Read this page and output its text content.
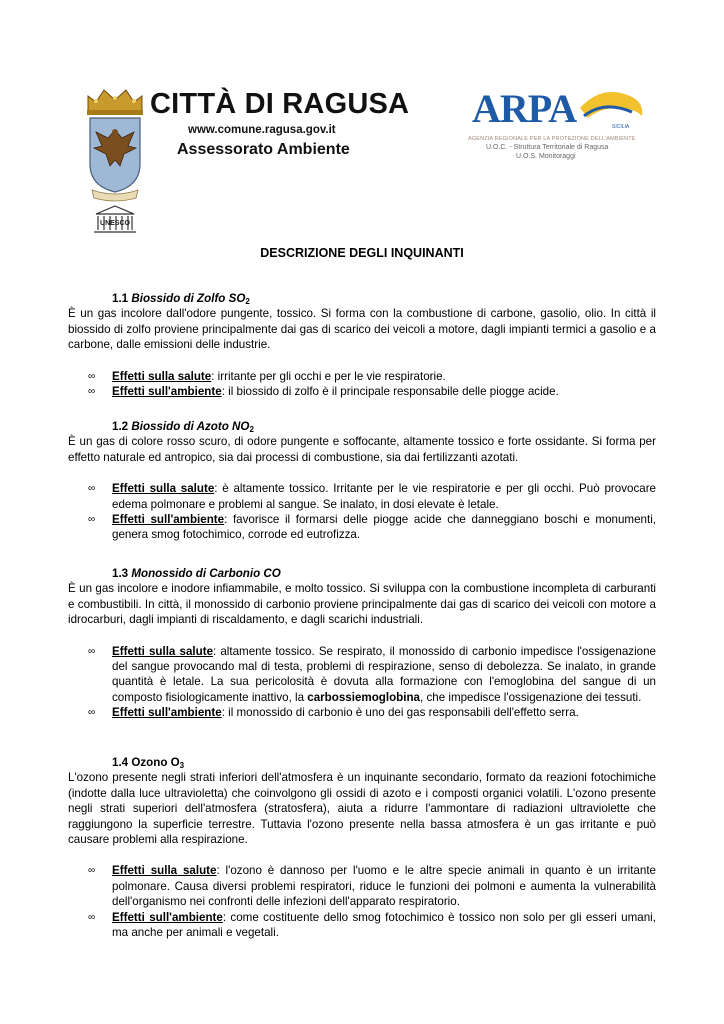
UNESCO
CITTÀ DI RAGUSA
www.comune.ragusa.gov.it
Assessorato Ambiente
ARPA	SICILIA
AGENZIA REGIONALE PER LA PROTEZIONE DELL'AMBIENTE
U.O.C. - Struttura Territoriale di Ragusa
U.O.S. Monitoraggi
DESCRIZIONE DEGLI INQUINANTI

1.1 Biossido di Zolfo $SO_2$

È un gas incolore dall'odore pungente, tossico. Si forma con la combustione di carbone, gasolio, olio. In città il biossido di zolfo proviene principalmente dai gas di scarico dei veicoli a motore, dagli impianti termici a gasolio e a carbone, dalle emissioni delle industrie.

∞ Effetti sulla salute: irritante per gli occhi e per le vie respiratorie.
∞ Effetti sull'ambiente: il biossido di zolfo è il principale responsabile delle piogge acide.

1.2 Biossido di Azoto $NO_2$

È un gas di colore rosso scuro, di odore pungente e soffocante, altamente tossico e forte ossidante. Si forma per effetto naturale ed antropico, sia dai processi di combustione, sia dai fertilizzanti azotati.

∞ Effetti sulla salute: è altamente tossico. Irritante per le vie respiratorie e per gli occhi. Può provocare edema polmonare e problemi al sangue. Se inalato, in dosi elevate è letale.
∞ Effetti sull'ambiente: favorisce il formarsi delle piogge acide che danneggiano boschi e monumenti, genera smog fotochimico, corrode ed eutrofizza.

1.3 Monossido di Carbonio CO

È un gas incolore e inodore infiammabile, e molto tossico. Si sviluppa con la combustione incompleta di carburanti e combustibili. In città, il monossido di carbonio proviene principalmente dai gas di scarico dei veicoli con motore a idrocarburi, dagli impianti di riscaldamento, e dagli scarichi industriali.

∞ Effetti sulla salute: altamente tossico. Se respirato, il monossido di carbonio impedisce l'ossigenazione del sangue provocando mal di testa, problemi di respirazione, senso di debolezza. Se inalato, in grande quantità è letale. La sua pericolosità è dovuta alla formazione con l'emoglobina del sangue di un composto fisiologicamente inattivo, la carbossiemoglobina, che impedisce l'ossigenazione dei tessuti.
∞ Effetti sull'ambiente: il monossido di carbonio è uno dei gas responsabili dell'effetto serra.

1.4 Ozono $O_3$

L'ozono presente negli strati inferiori dell'atmosfera è un inquinante secondario, formato da reazioni fotochimiche (indotte dalla luce ultravioletta) che coinvolgono gli ossidi di azoto e i composti organici volatili. L'ozono presente negli strati superiori dell'atmosfera (stratosfera), aiuta a ridurre l'ammontare di radiazioni ultraviolette che raggiungono la superficie terrestre. Tuttavia l'ozono presente nella bassa atmosfera è un gas irritante e può causare problemi alla respirazione.

∞ Effetti sulla salute: l'ozono è dannoso per l'uomo e le altre specie animali in quanto è un irritante polmonare. Causa diversi problemi respiratori, riduce le funzioni dei polmoni e aumenta la vulnerabilità dell'organismo nei confronti delle infezioni dell'apparato respiratorio.
∞ Effetti sull'ambiente: come costituente dello smog fotochimico è tossico non solo per gli esseri umani, ma anche per animali e vegetali.
